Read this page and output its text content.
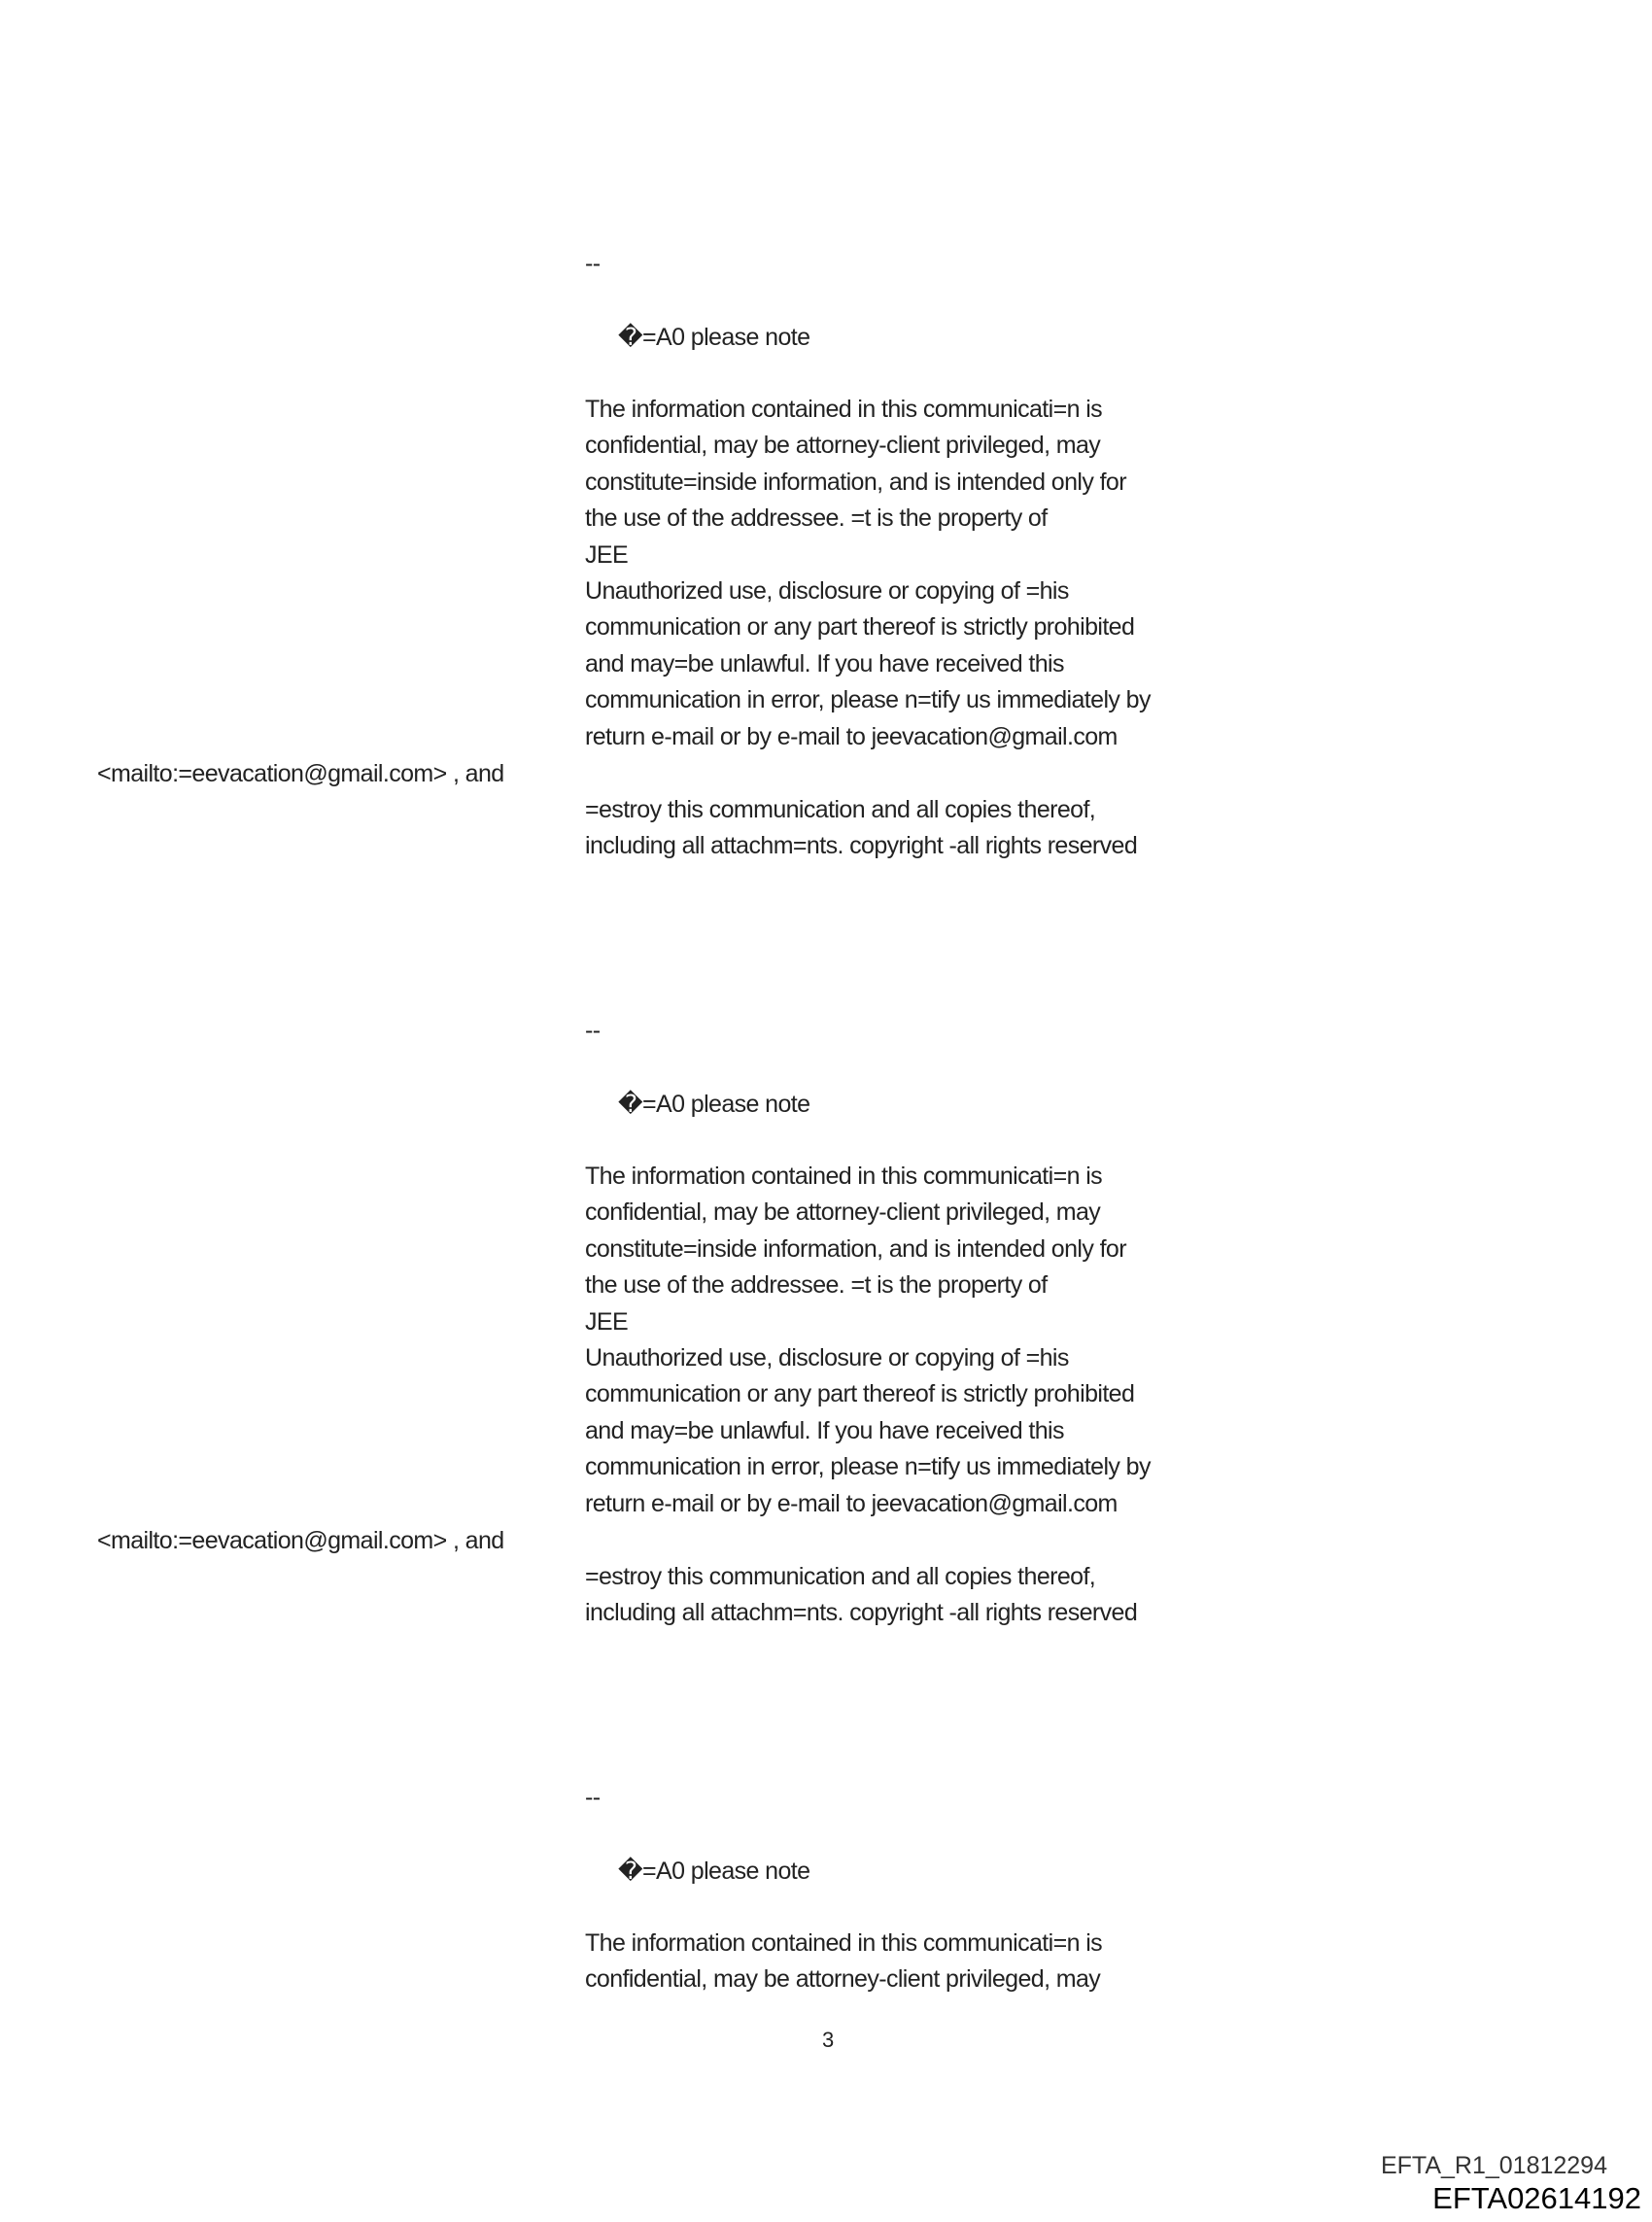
--
�=A0 please note
The information contained in this communicati=n is
confidential, may be attorney-client privileged, may
constitute=inside information, and is intended only for
the use of the addressee. =t is the property of
JEE
Unauthorized use, disclosure or copying of =his
communication or any part thereof is strictly prohibited
and may=be unlawful. If you have received this
communication in error, please n=tify us immediately by
return e-mail or by e-mail to jeevacation@gmail.com
<mailto:=eevacation@gmail.com> , and
=estroy this communication and all copies thereof,
including all attachm=nts. copyright -all rights reserved
--
�=A0 please note
The information contained in this communicati=n is
confidential, may be attorney-client privileged, may
constitute=inside information, and is intended only for
the use of the addressee. =t is the property of
JEE
Unauthorized use, disclosure or copying of =his
communication or any part thereof is strictly prohibited
and may=be unlawful. If you have received this
communication in error, please n=tify us immediately by
return e-mail or by e-mail to jeevacation@gmail.com
<mailto:=eevacation@gmail.com> , and
=estroy this communication and all copies thereof,
including all attachm=nts. copyright -all rights reserved
--
�=A0 please note
The information contained in this communicati=n is
confidential, may be attorney-client privileged, may
3
EFTA_R1_01812294
EFTA02614192
